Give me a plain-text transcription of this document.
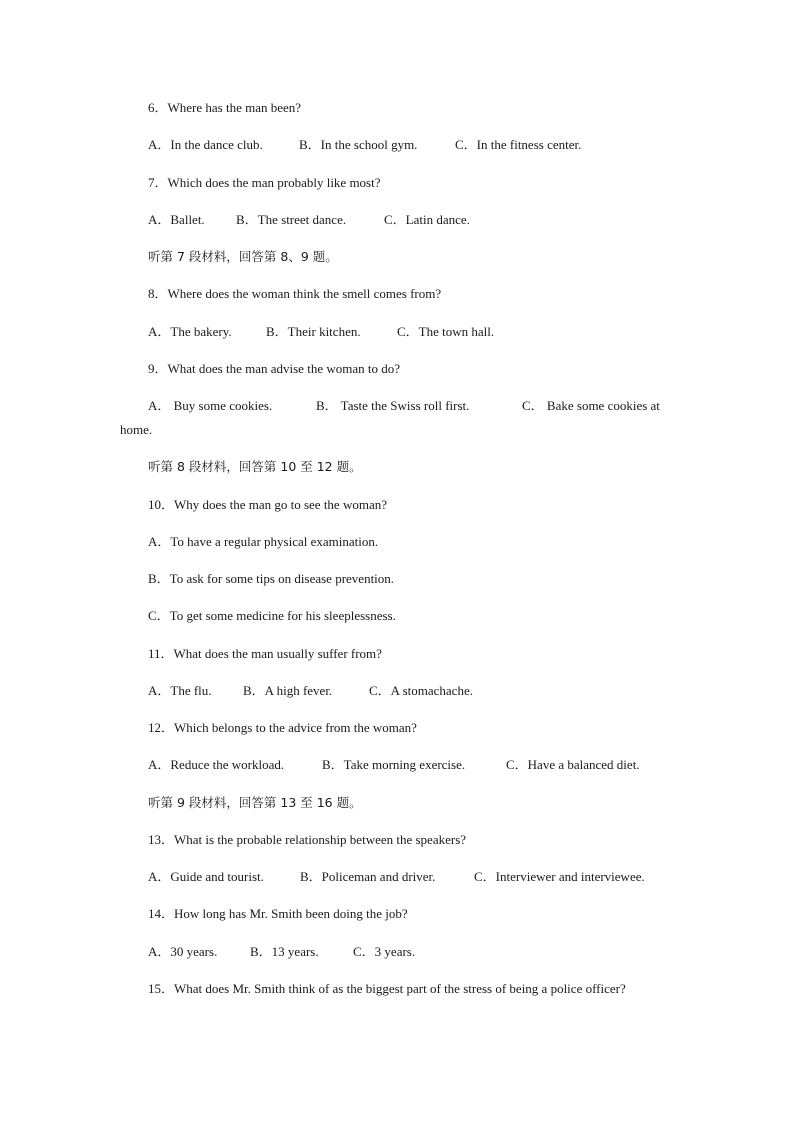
6．Where has the man been?
A．In the dance club.	B．In the school gym.	C．In the fitness center.
7．Which does the man probably like most?
A．Ballet. B．The street dance.	C．Latin dance.
听第 7 段材料，回答第 8、9 题。
8．Where does the woman think the smell comes from?
A．The bakery.	B．Their kitchen.	C．The town hall.
9．What does the man advise the woman to do?
A． Buy some cookies.	B． Taste the Swiss roll first.	C． Bake some cookies at
home.
听第 8 段材料，回答第 10 至 12 题。
10．Why does the man go to see the woman?
A．To have a regular physical examination.
B．To ask for some tips on disease prevention.
C．To get some medicine for his sleeplessness.
11．What does the man usually suffer from?
A．The flu. B．A high fever.	C．A stomachache.
12．Which belongs to the advice from the woman?
A．Reduce the workload.	B．Take morning exercise.	C．Have a balanced diet.
听第 9 段材料，回答第 13 至 16 题。
13．What is the probable relationship between the speakers?
A．Guide and tourist.	B．Policeman and driver.	C．Interviewer and interviewee.
14．How long has Mr. Smith been doing the job?
A．30 years.	B．13 years.	C．3 years.
15．What does Mr. Smith think of as the biggest part of the stress of being a police officer?
